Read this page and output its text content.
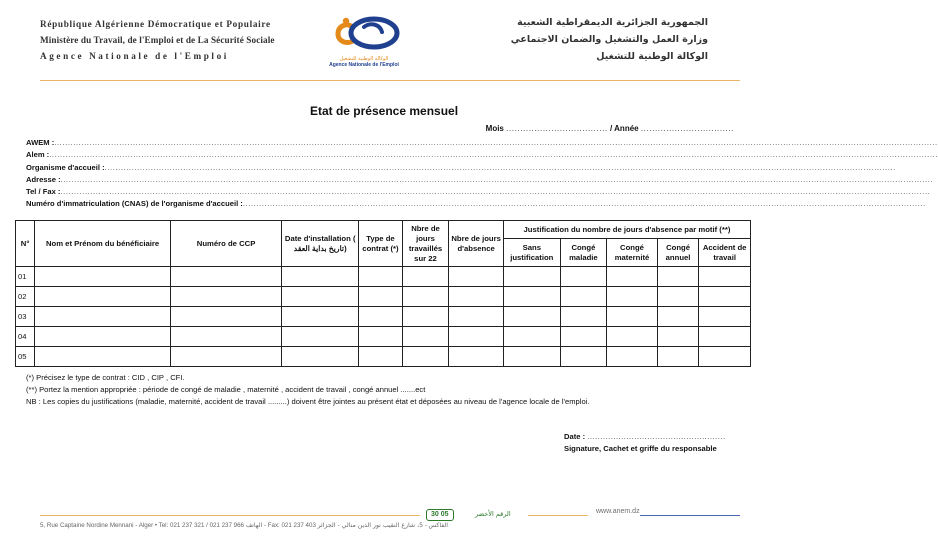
République Algérienne Démocratique et Populaire
Ministère du Travail, de l'Emploi et de La Sécurité Sociale
Agence Nationale de l'Emploi	الوكالة الوطنية للتشغيل
Agence Nationale de l'Emploi
الجمهورية الجزائرية الديمقراطية الشعبية
وزارة العمل والتشغيل والضمان الاجتماعي
الوكالة الوطنية للتشغيل
Etat de présence mensuel
Mois .................................... / Année .................................
AWEM : ......................................................................................................................................................................................................................................................................................................................................
Alem : ........................................................................................................................................................................................................................................................................................................................................
Organisme d'accueil : ....................................................................................................................................................................................................................................................................................................
Adresse : ..................................................................................................................................................................................................................................................................................................................................
Tel / Fax : .................................................................................................................................................................................................................................................................................................................................
Numéro d'immatriculation (CNAS) de l'organisme d'accueil : ............................................................................................................................................................................................................................................................
N°	Nom et Prénom du bénéficiaire	Numéro de CCP	Date d'installation ( تاريخ بداية العقد)	Type de contrat (*)	Nbre de jours travaillés sur 22	Nbre de jours d'absence	Justification du nombre de jours d'absence par motif (**)				
							Sans justification	Congé maladie	Congé maternité	Congé annuel	Accident de travail
01											
02											
03											
04											
05											
(*) Précisez le type de contrat : CID , CIP , CFI.
(**) Portez la mention appropriée : période de congé de maladie , maternité , accident de travail , congé annuel .......ect
NB : Les copies du justifications (maladie, maternité, accident de travail .........) doivent être jointes au présent état et déposées au niveau de l'agence locale de l'emploi.
Date : .....................................................
Signature, Cachet et griffe du responsable
30 05	الرقم الأخضر	www.anem.dz
5, Rue Captaine Nordine Mennani - Alger • Tel: 021 237 321 / 021 237 966 الهاتف - Fax: 021 237 403	الفاكس - 5، شارع النقيب نور الدين منالي - الجزائر
